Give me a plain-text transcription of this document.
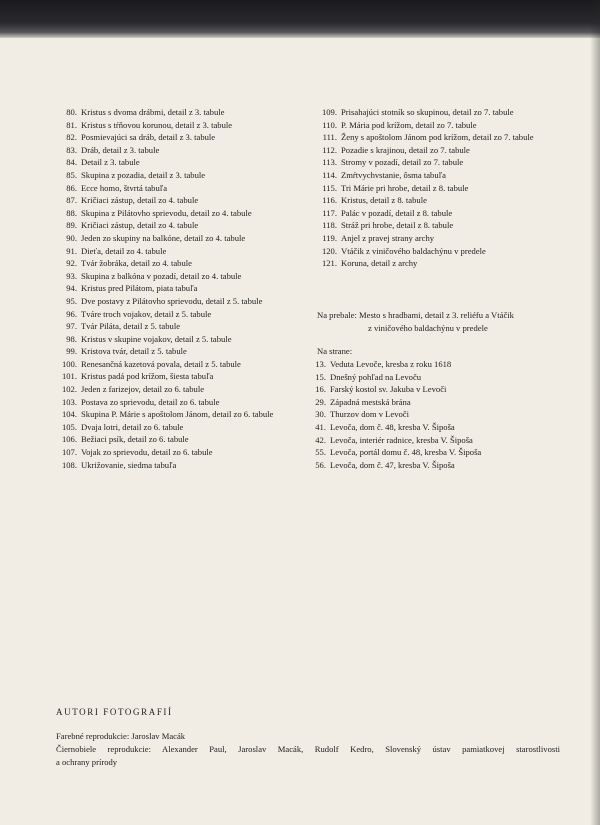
80. Kristus s dvoma drábmi, detail z 3. tabule
81. Kristus s tŕňovou korunou, detail z 3. tabule
82. Posmievajúci sa dráb, detail z 3. tabule
83. Dráb, detail z 3. tabule
84. Detail z 3. tabule
85. Skupina z pozadia, detail z 3. tabule
86. Ecce homo, štvrtá tabuľa
87. Kričiaci zástup, detail zo 4. tabule
88. Skupina z Pilátovho sprievodu, detail zo 4. tabule
89. Kričiaci zástup, detail zo 4. tabule
90. Jeden zo skupiny na balkóne, detail zo 4. tabule
91. Dieťa, detail zo 4. tabule
92. Tvár žobráka, detail zo 4. tabule
93. Skupina z balkóna v pozadí, detail zo 4. tabule
94. Kristus pred Pilátom, piata tabuľa
95. Dve postavy z Pilátovho sprievodu, detail z 5. tabule
96. Tváre troch vojakov, detail z 5. tabule
97. Tvár Piláta, detail z 5. tabule
98. Kristus v skupine vojakov, detail z 5. tabule
99. Kristova tvár, detail z 5. tabule
100. Renesančná kazetová povala, detail z 5. tabule
101. Kristus padá pod krížom, šiesta tabuľa
102. Jeden z farizejov, detail zo 6. tabule
103. Postava zo sprievodu, detail zo 6. tabule
104. Skupina P. Márie s apoštolom Jánom, detail zo 6. tabule
105. Dvaja lotri, detail zo 6. tabule
106. Bežiaci psík, detail zo 6. tabule
107. Vojak zo sprievodu, detail zo 6. tabule
108. Ukrižovanie, siedma tabuľa
109. Prisahajúci stotník so skupinou, detail zo 7. tabule
110. P. Mária pod krížom, detail zo 7. tabule
111. Ženy s apoštolom Jánom pod krížom, detail zo 7. tabule
112. Pozadie s krajinou, detail zo 7. tabule
113. Stromy v pozadí, detail zo 7. tabule
114. Zmŕtvychvstanie, ôsma tabuľa
115. Tri Márie pri hrobe, detail z 8. tabule
116. Kristus, detail z 8. tabule
117. Palác v pozadí, detail z 8. tabule
118. Stráž pri hrobe, detail z 8. tabule
119. Anjel z pravej strany archy
120. Vtáčik z viničového baldachýnu v predele
121. Koruna, detail z archy
Na prebale: Mesto s hradbami, detail z 3. reliéfu a Vtáčik
z viničového baldachýnu v predele
Na strane:
13. Veduta Levoče, kresba z roku 1618
15. Dnešný pohľad na Levoču
16. Farský kostol sv. Jakuba v Levoči
29. Západná mestská brána
30. Thurzov dom v Levoči
41. Levoča, dom č. 48, kresba V. Šipoša
42. Levoča, interiér radnice, kresba V. Šipoša
55. Levoča, portál domu č. 48, kresba V. Šipoša
56. Levoča, dom č. 47, kresba V. Šipoša
AUTORI FOTOGRAFIÍ

Farebné reprodukcie: Jaroslav Macák

Čiernobiele reprodukcie: Alexander Paul, Jaroslav Macák, Rudolf Kedro, Slovenský ústav pamiatkovej starostlivosti

a ochrany prírody
